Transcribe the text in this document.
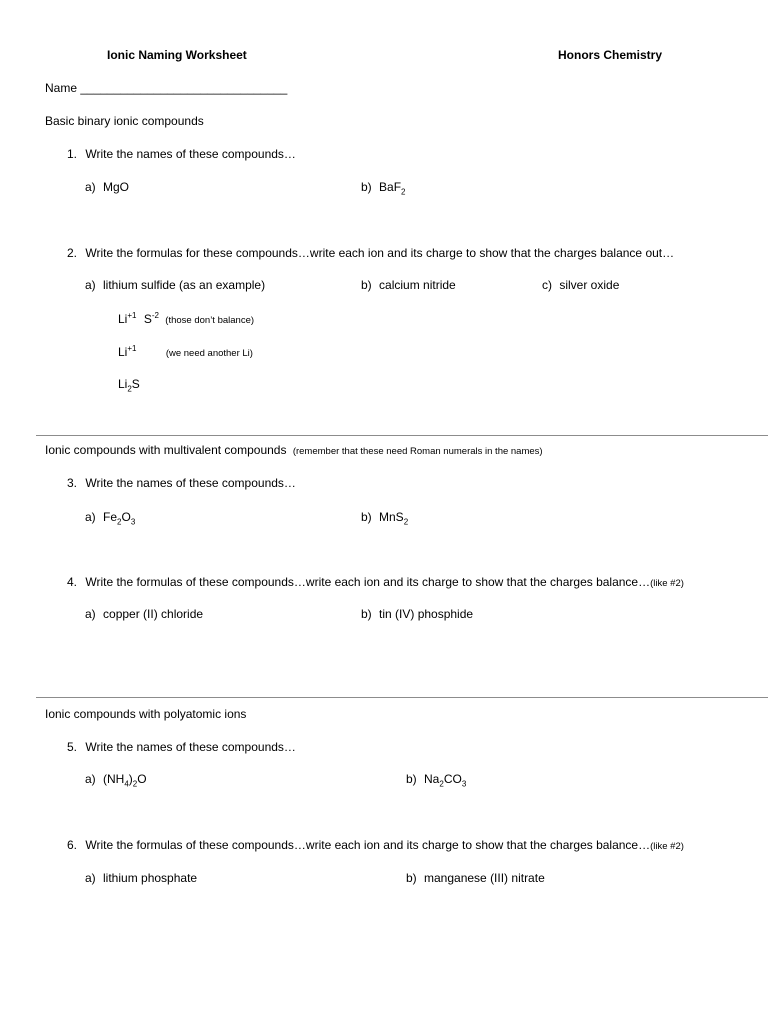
Ionic Naming Worksheet	Honors Chemistry
Name _______________________________
Basic binary ionic compounds
1. Write the names of these compounds…
a) MgO	b) BaF$_2$
2. Write the formulas for these compounds…write each ion and its charge to show that the charges balance out…
a) lithium sulfide (as an example)	b) calcium nitride	c) silver oxide
$Li^{+1}$ $S^{-2}$ (those don’t balance)
$Li^{+1}$	(we need another Li)
$Li_2S$
Ionic compounds with multivalent compounds (remember that these need Roman numerals in the names)
3. Write the names of these compounds…
a) $Fe_2O_3$	b) MnS$_2$
4. Write the formulas of these compounds…write each ion and its charge to show that the charges balance…(like #2)
a) copper (II) chloride	b) tin (IV) phosphide
Ionic compounds with polyatomic ions
5. Write the names of these compounds…
a) $(NH_4)_2O$	b) $Na_2CO_3$
6. Write the formulas of these compounds…write each ion and its charge to show that the charges balance…(like #2)
a) lithium phosphate	b) manganese (III) nitrate
